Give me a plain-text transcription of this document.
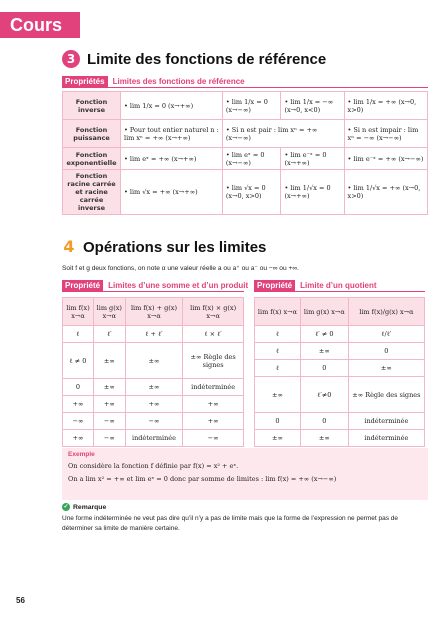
Cours
3 Limite des fonctions de référence
Propriétés	Limites des fonctions de référence
Fonction inverse	• lim 1/x = 0 (x→+∞)	• lim 1/x = 0 (x→−∞)	• lim 1/x = −∞ (x→0, x<0)	• lim 1/x = +∞ (x→0, x>0)
Fonction puissance	• Pour tout entier naturel n : lim xⁿ = +∞ (x→+∞)	• Si n est pair : lim xⁿ = +∞ (x→−∞)		• Si n est impair : lim xⁿ = −∞ (x→−∞)
Fonction exponentielle	• lim eˣ = +∞ (x→+∞)	• lim eˣ = 0 (x→−∞)	• lim e⁻ˣ = 0 (x→+∞)	• lim e⁻ˣ = +∞ (x→−∞)
Fonction racine carrée et racine carrée inverse	• lim √x = +∞ (x→+∞)	• lim √x = 0 (x→0, x>0)	• lim 1/√x = 0 (x→+∞)	• lim 1/√x = +∞ (x→0, x>0)
4 Opérations sur les limites
Soit f et g deux fonctions, on note α une valeur réelle a ou a⁺ ou a⁻ ou −∞ ou +∞.
Propriété	Limites d’une somme et d’un produit	Propriété	Limite d’un quotient
lim f(x) x→α	lim g(x) x→α	lim f(x) + g(x) x→α	lim f(x) × g(x) x→α
ℓ	ℓ′	ℓ + ℓ′	ℓ × ℓ′
ℓ ≠ 0	±∞	±∞	±∞ Règle des signes
0	±∞	±∞	indéterminée
+∞	+∞	+∞	+∞
−∞	−∞	−∞	+∞
+∞	−∞	indéterminée	−∞
lim f(x) x→α	lim g(x) x→α	lim f(x)/g(x) x→α
ℓ	ℓ′ ≠ 0	ℓ/ℓ′
ℓ	±∞	0
ℓ	0	±∞
±∞	ℓ′≠0	±∞ Règle des signes
0	0	indéterminée
±∞	±∞	indéterminée
Exemple
On considère la fonction f définie par f(x) = x² + eˣ.
On a lim x² = +∞ et lim eˣ = 0 donc par somme de limites : lim f(x) = +∞ (x→−∞)
✓ Remarque
Une forme indéterminée ne veut pas dire qu’il n’y a pas de limite mais que la forme de l’expression ne permet pas de déterminer sa limite de manière certaine.
56
